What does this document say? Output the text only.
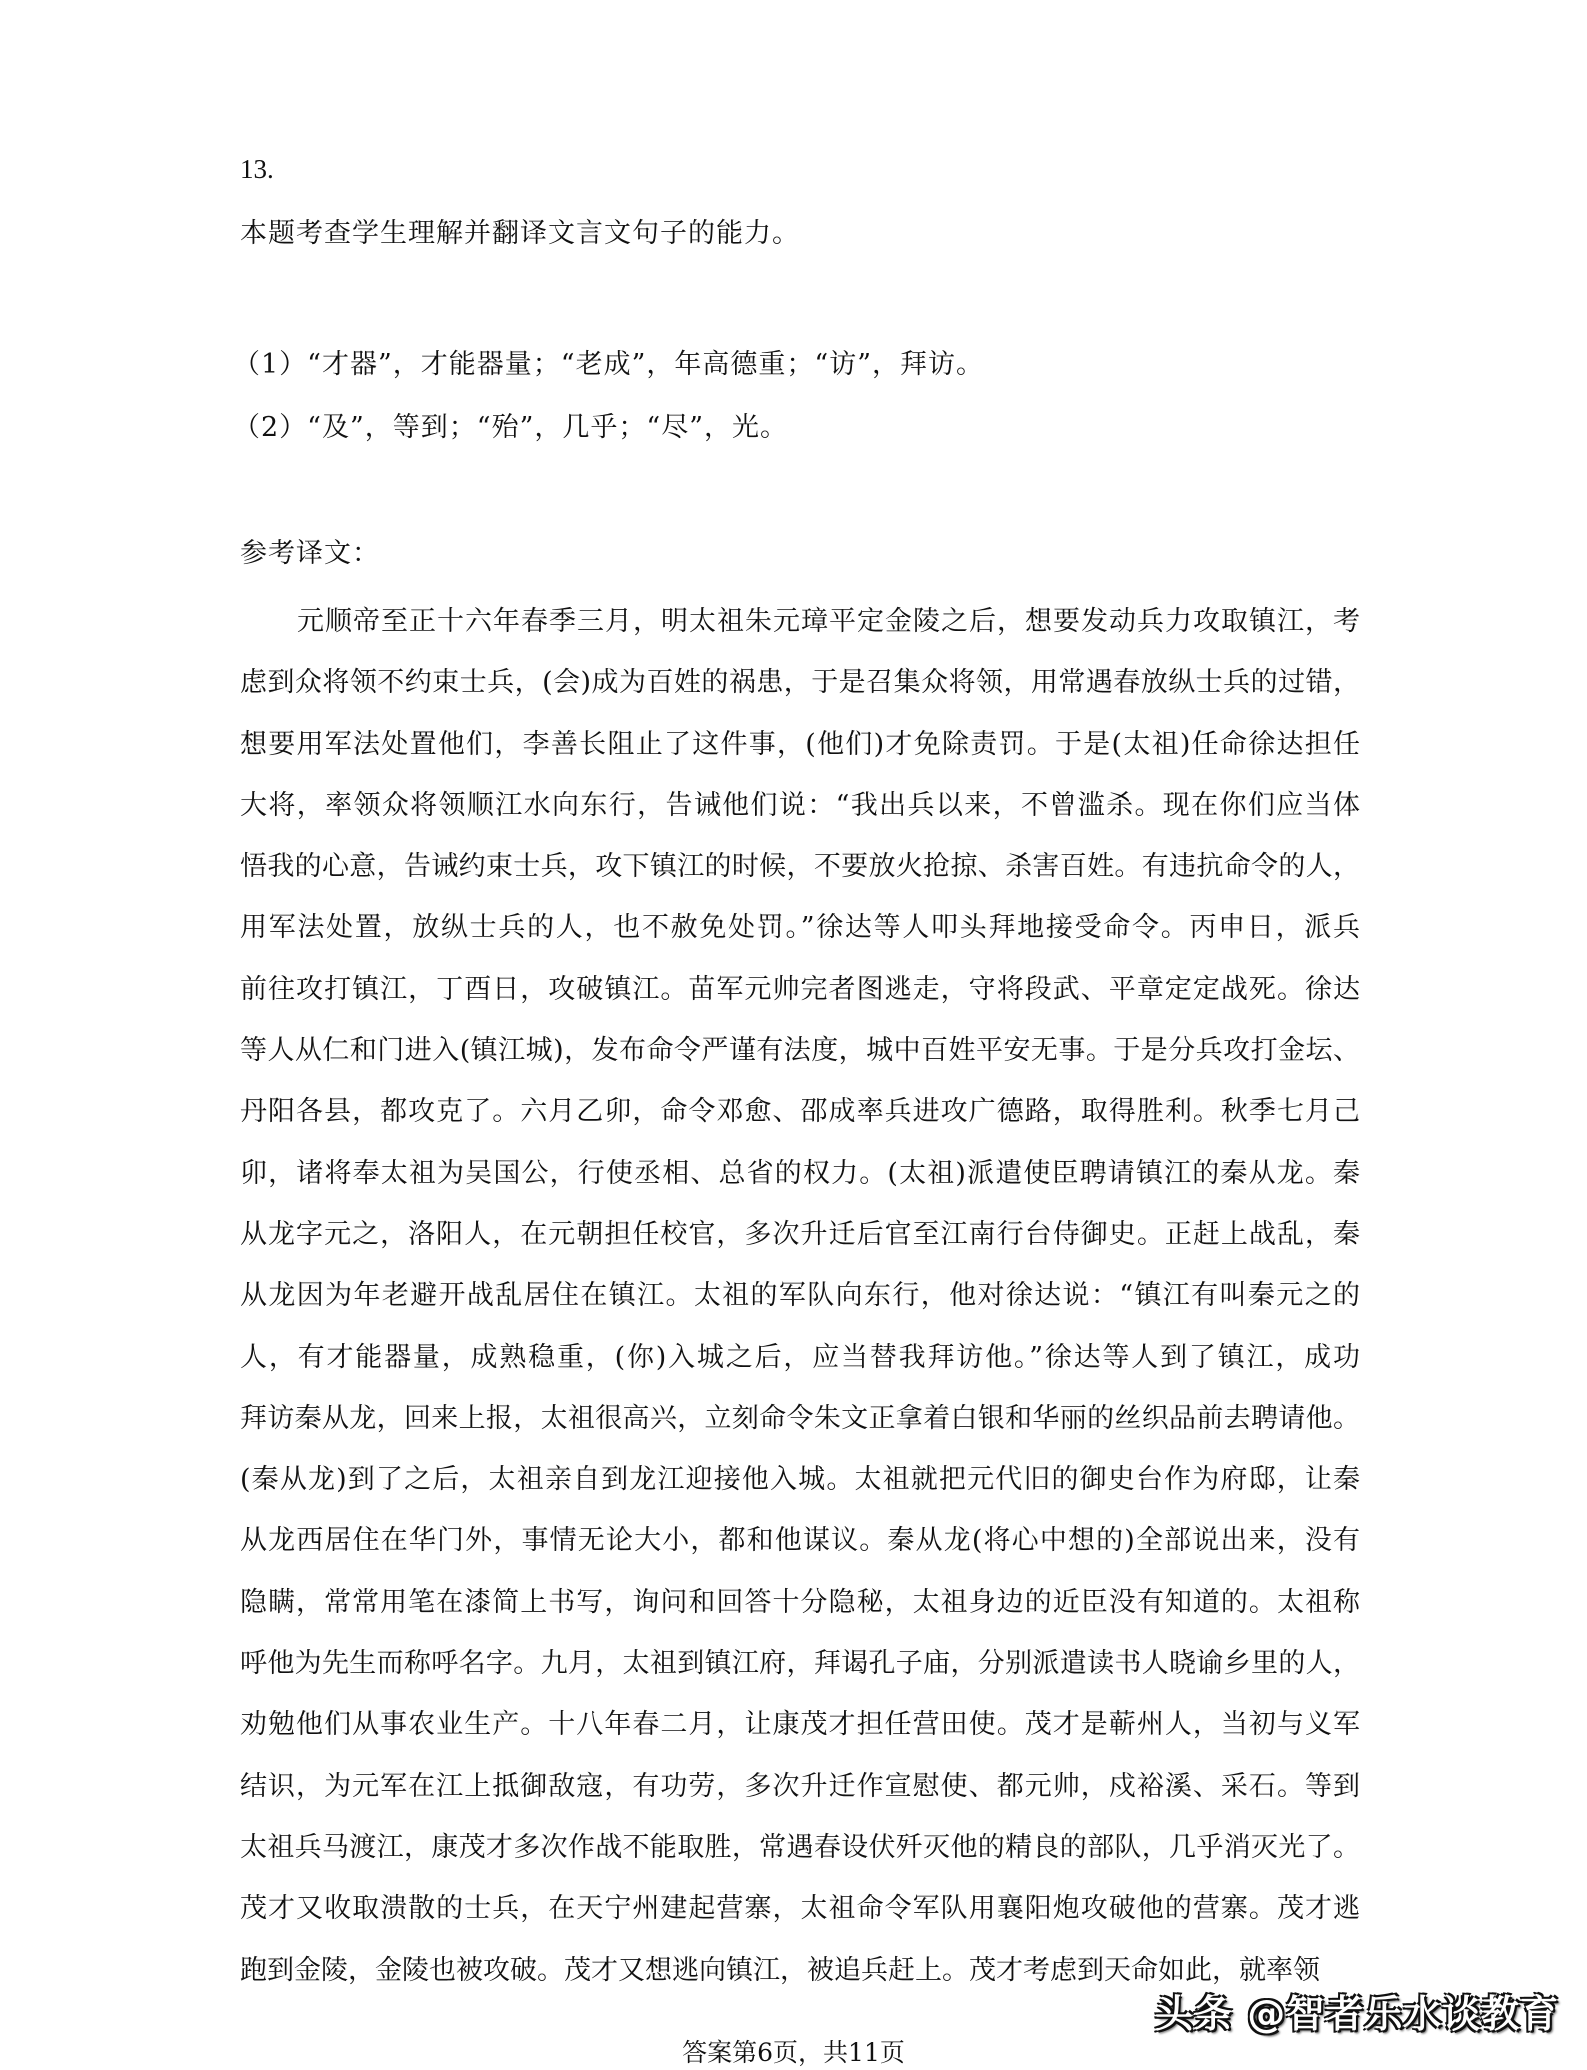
13.
本题考查学生理解并翻译文言文句子的能力。
（1）“才器”，才能器量；“老成”，年高德重；“访”，拜访。
（2）“及”，等到；“殆”，几乎；“尽”，光。
参考译文：
元顺帝至正十六年春季三月，明太祖朱元璋平定金陵之后，想要发动兵力攻取镇江，考
虑到众将领不约束士兵，(会)成为百姓的祸患，于是召集众将领，用常遇春放纵士兵的过错，
想要用军法处置他们，李善长阻止了这件事，(他们)才免除责罚。于是(太祖)任命徐达担任
大将，率领众将领顺江水向东行，告诫他们说：“我出兵以来，不曾滥杀。现在你们应当体
悟我的心意，告诫约束士兵，攻下镇江的时候，不要放火抢掠、杀害百姓。有违抗命令的人，
用军法处置，放纵士兵的人，也不赦免处罚。”徐达等人叩头拜地接受命令。丙申日，派兵
前往攻打镇江，丁酉日，攻破镇江。苗军元帅完者图逃走，守将段武、平章定定战死。徐达
等人从仁和门进入(镇江城)，发布命令严谨有法度，城中百姓平安无事。于是分兵攻打金坛、
丹阳各县，都攻克了。六月乙卯，命令邓愈、邵成率兵进攻广德路，取得胜利。秋季七月己
卯，诸将奉太祖为吴国公，行使丞相、总省的权力。(太祖)派遣使臣聘请镇江的秦从龙。秦
从龙字元之，洛阳人，在元朝担任校官，多次升迁后官至江南行台侍御史。正赶上战乱，秦
从龙因为年老避开战乱居住在镇江。太祖的军队向东行，他对徐达说：“镇江有叫秦元之的
人，有才能器量，成熟稳重，(你)入城之后，应当替我拜访他。”徐达等人到了镇江，成功
拜访秦从龙，回来上报，太祖很高兴，立刻命令朱文正拿着白银和华丽的丝织品前去聘请他。
(秦从龙)到了之后，太祖亲自到龙江迎接他入城。太祖就把元代旧的御史台作为府邸，让秦
从龙西居住在华门外，事情无论大小，都和他谋议。秦从龙(将心中想的)全部说出来，没有
隐瞒，常常用笔在漆简上书写，询问和回答十分隐秘，太祖身边的近臣没有知道的。太祖称
呼他为先生而称呼名字。九月，太祖到镇江府，拜谒孔子庙，分别派遣读书人晓谕乡里的人，
劝勉他们从事农业生产。十八年春二月，让康茂才担任营田使。茂才是蕲州人，当初与义军
结识，为元军在江上抵御敌寇，有功劳，多次升迁作宣慰使、都元帅，戍裕溪、采石。等到
太祖兵马渡江，康茂才多次作战不能取胜，常遇春设伏歼灭他的精良的部队，几乎消灭光了。
茂才又收取溃散的士兵，在天宁州建起营寨，太祖命令军队用襄阳炮攻破他的营寨。茂才逃
跑到金陵，金陵也被攻破。茂才又想逃向镇江，被追兵赶上。茂才考虑到天命如此，就率领
头条 @智者乐水谈教育
答案第6页，共11页
